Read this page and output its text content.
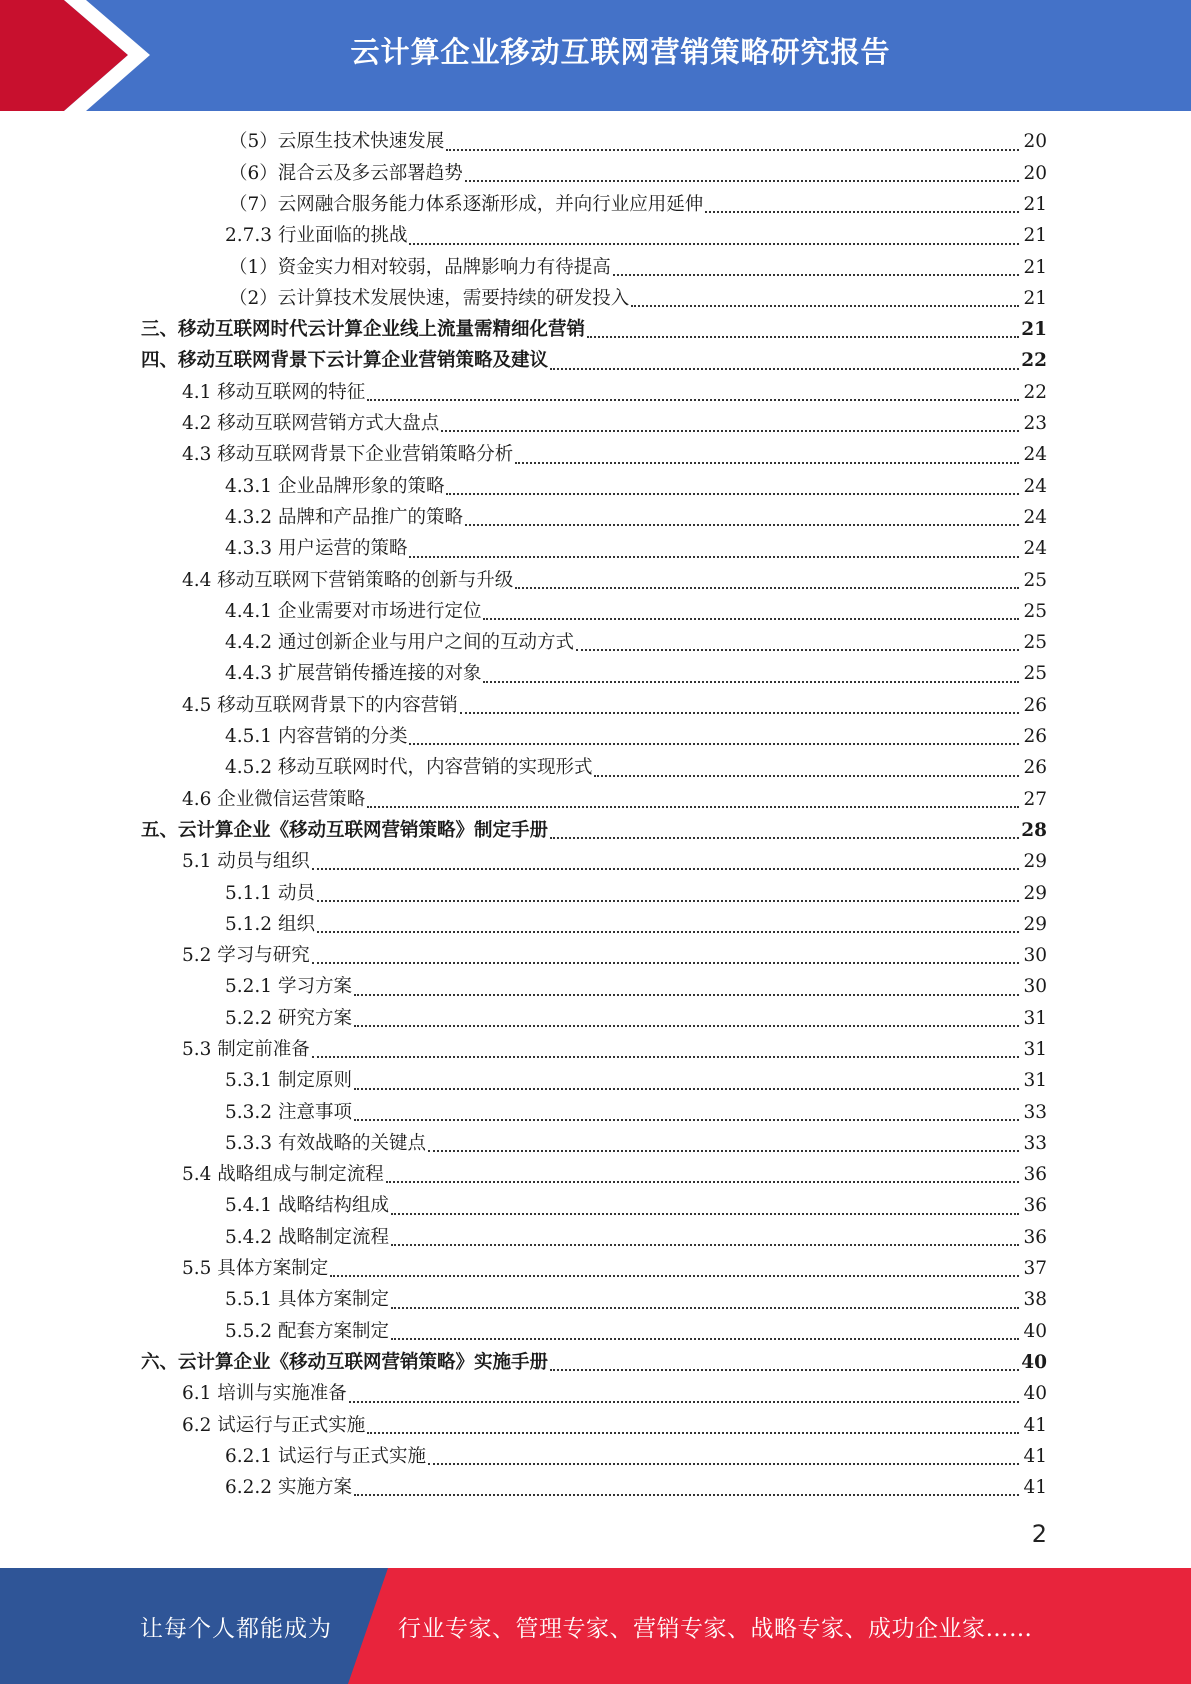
云计算企业移动互联网营销策略研究报告
（5）云原生技术快速发展	20
（6）混合云及多云部署趋势	20
（7）云网融合服务能力体系逐渐形成，并向行业应用延伸	21
2.7.3 行业面临的挑战	21
（1）资金实力相对较弱，品牌影响力有待提高	21
（2）云计算技术发展快速，需要持续的研发投入	21
三、移动互联网时代云计算企业线上流量需精细化营销	21
四、移动互联网背景下云计算企业营销策略及建议	22
4.1 移动互联网的特征	22
4.2 移动互联网营销方式大盘点	23
4.3 移动互联网背景下企业营销策略分析	24
4.3.1 企业品牌形象的策略	24
4.3.2 品牌和产品推广的策略	24
4.3.3 用户运营的策略	24
4.4 移动互联网下营销策略的创新与升级	25
4.4.1 企业需要对市场进行定位	25
4.4.2 通过创新企业与用户之间的互动方式	25
4.4.3 扩展营销传播连接的对象	25
4.5 移动互联网背景下的内容营销	26
4.5.1 内容营销的分类	26
4.5.2 移动互联网时代，内容营销的实现形式	26
4.6 企业微信运营策略	27
五、云计算企业《移动互联网营销策略》制定手册	28
5.1 动员与组织	29
5.1.1 动员	29
5.1.2 组织	29
5.2 学习与研究	30
5.2.1 学习方案	30
5.2.2 研究方案	31
5.3 制定前准备	31
5.3.1 制定原则	31
5.3.2 注意事项	33
5.3.3 有效战略的关键点	33
5.4 战略组成与制定流程	36
5.4.1 战略结构组成	36
5.4.2 战略制定流程	36
5.5 具体方案制定	37
5.5.1 具体方案制定	38
5.5.2 配套方案制定	40
六、云计算企业《移动互联网营销策略》实施手册	40
6.1 培训与实施准备	40
6.2 试运行与正式实施	41
6.2.1 试运行与正式实施	41
6.2.2 实施方案	41
2
让每个人都能成为	行业专家、管理专家、营销专家、战略专家、成功企业家……
